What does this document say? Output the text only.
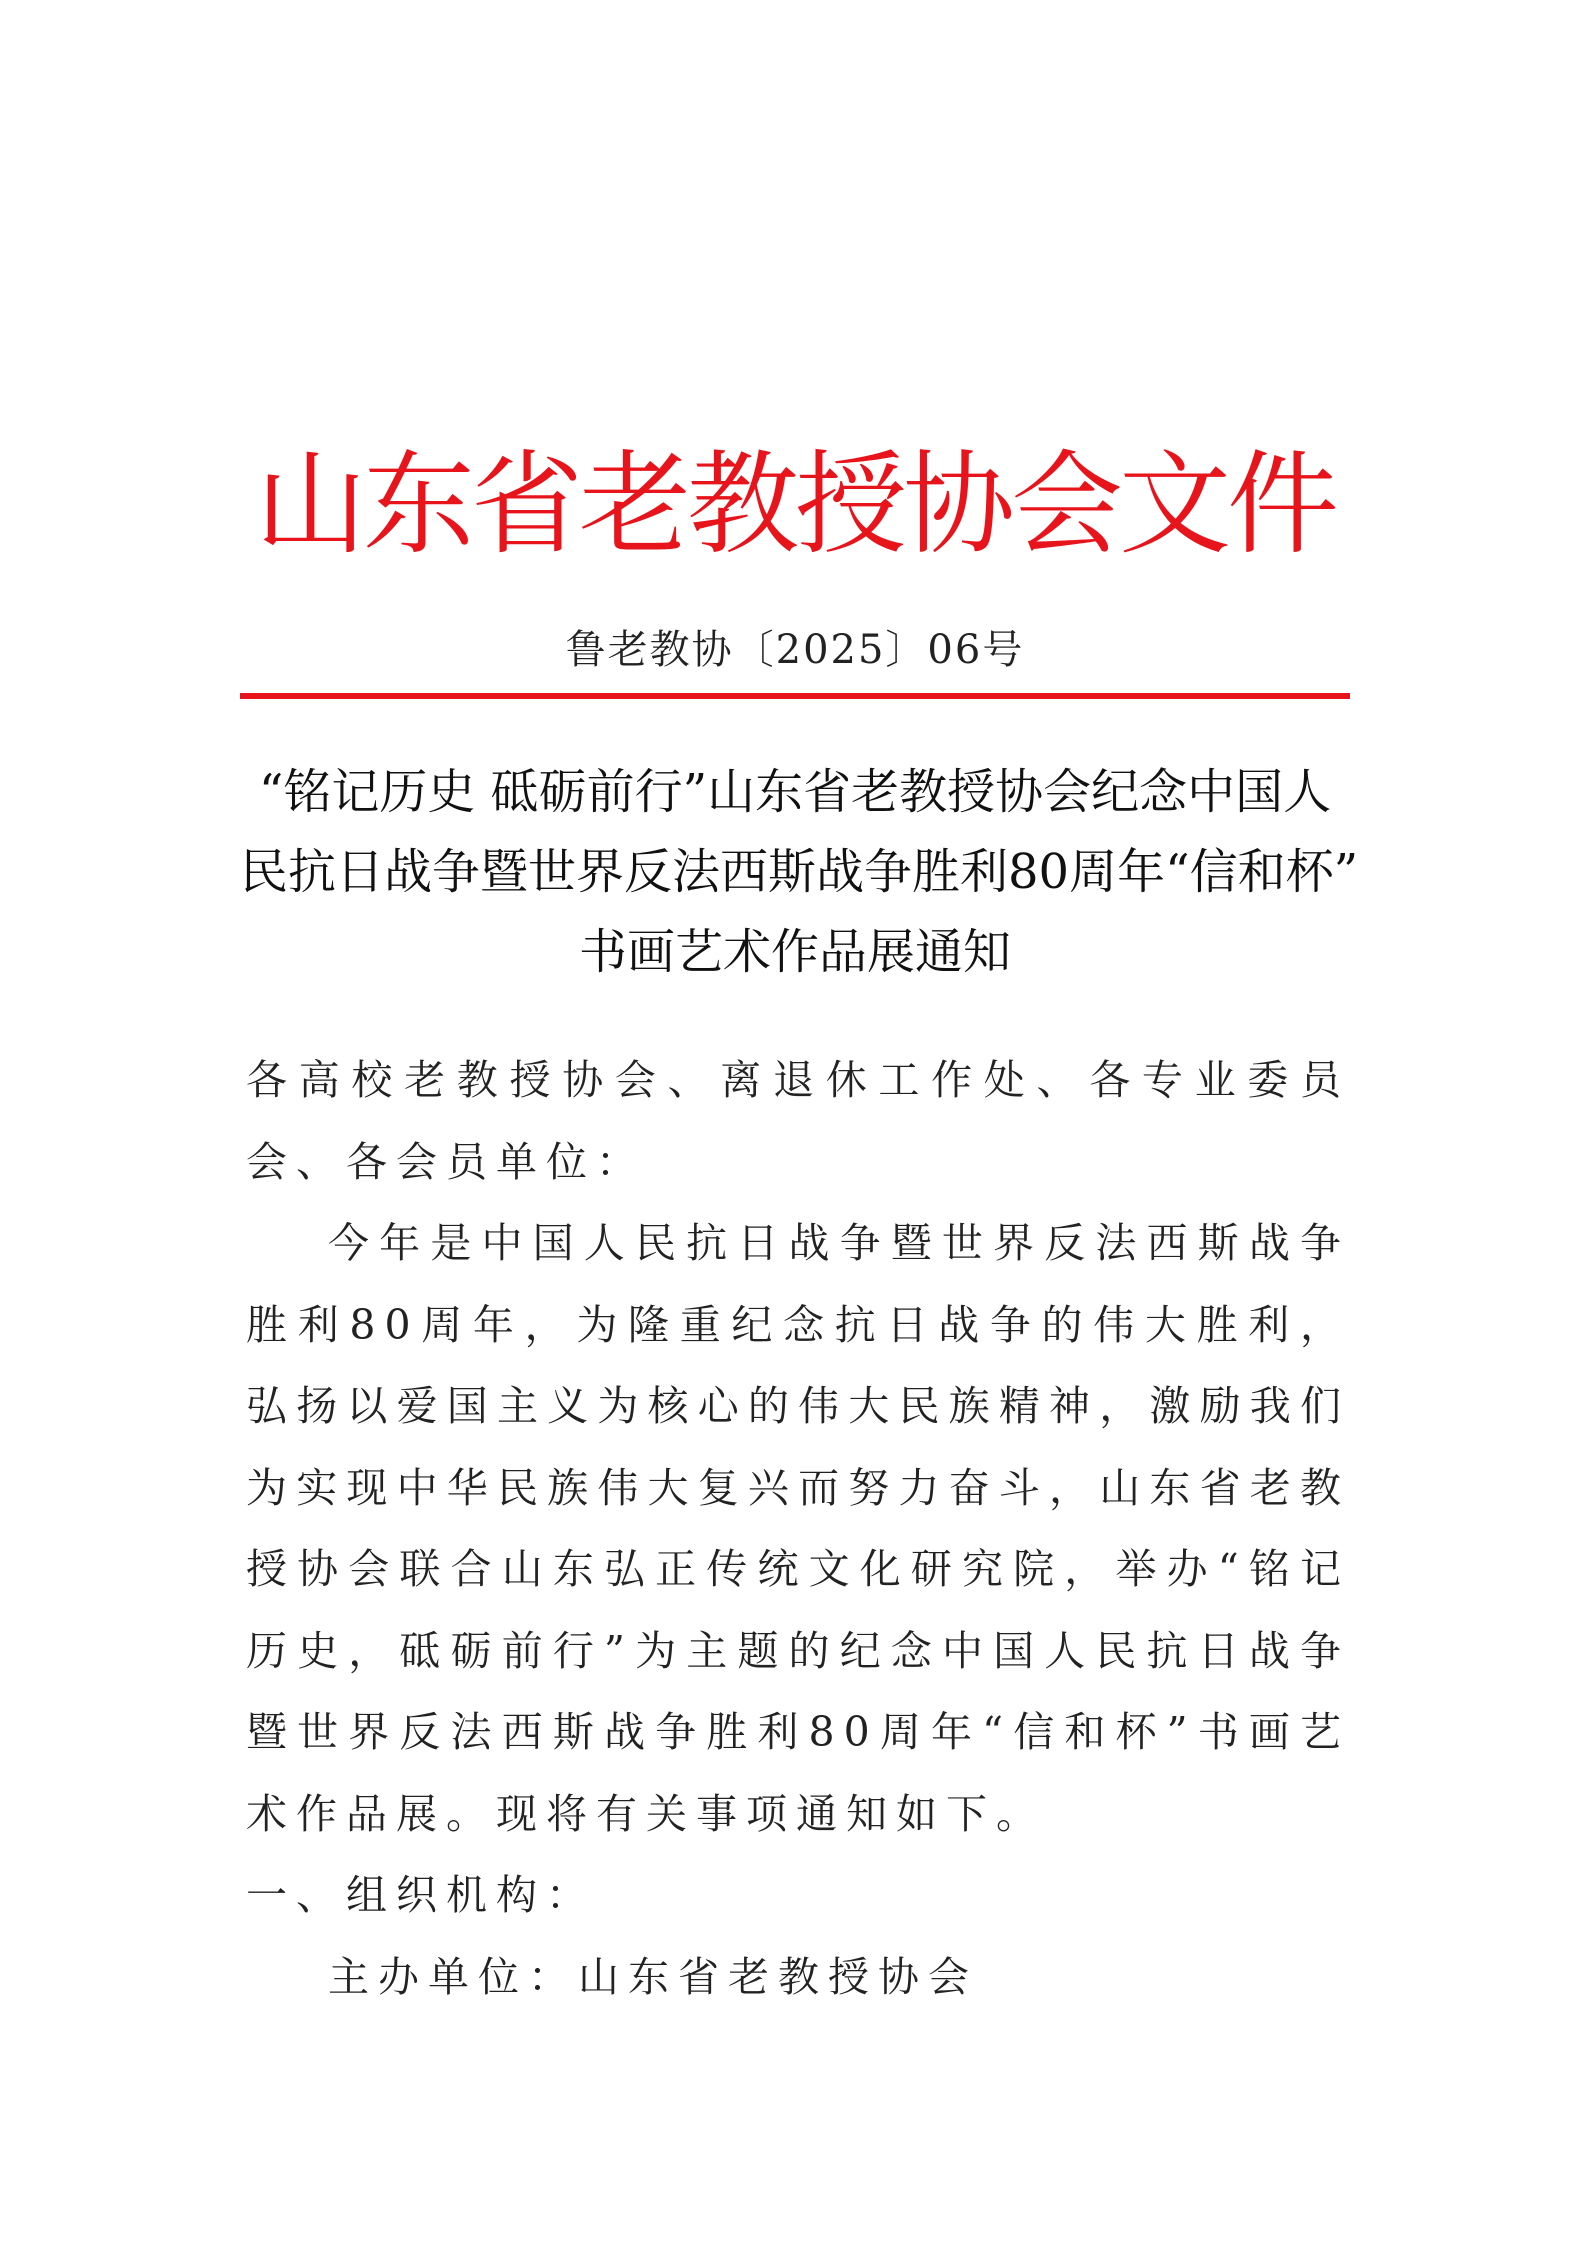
山东省老教授协会文件
鲁老教协〔2025〕06号
“铭记历史 砥砺前行”山东省老教授协会纪念中国人
民抗日战争暨世界反法西斯战争胜利80周年“信和杯”
书画艺术作品展通知

各高校老教授协会、离退休工作处、各专业委员会、各会员单位：

今年是中国人民抗日战争暨世界反法西斯战争胜利80周年，为隆重纪念抗日战争的伟大胜利，弘扬以爱国主义为核心的伟大民族精神，激励我们为实现中华民族伟大复兴而努力奋斗，山东省老教授协会联合山东弘正传统文化研究院，举办“铭记历史，砥砺前行”为主题的纪念中国人民抗日战争暨世界反法西斯战争胜利80周年“信和杯”书画艺术作品展。现将有关事项通知如下。

一、组织机构：

主办单位：山东省老教授协会
